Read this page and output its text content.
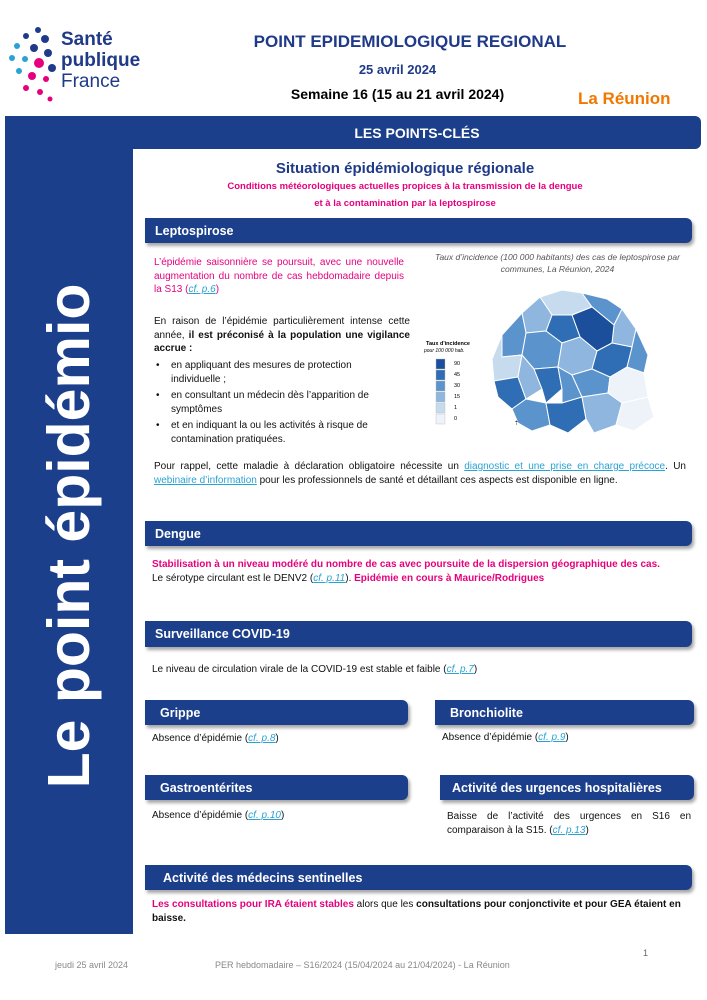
Santé
publique
France
POINT EPIDEMIOLOGIQUE REGIONAL
25 avril 2024
Semaine 16 (15 au 21 avril 2024)	La Réunion
Le point épidémio
LES POINTS-CLÉS
Situation épidémiologique régionale
Conditions météorologiques actuelles propices à la transmission de la dengue
et à la contamination par la leptospirose
Leptospirose
L’épidémie saisonnière se poursuit, avec une nouvelle augmentation du nombre de cas hebdomadaire depuis la S13 (cf. p.6)
En raison de l’épidémie particulièrement intense cette année, il est préconisé à la population une vigilance accrue :
• en appliquant des mesures de protection individuelle ;
• en consultant un médecin dès l’apparition de symptômes
• et en indiquant la ou les activités à risque de contamination pratiquées.
Taux d’incidence (100 000 habitants) des cas de leptospirose par communes, La Réunion, 2024
Taux d'incidence
pour 100 000 hab.
90
45
30
15
1
0
⇡
Pour rappel, cette maladie à déclaration obligatoire nécessite un diagnostic et une prise en charge précoce. Un webinaire d’information pour les professionnels de santé et détaillant ces aspects est disponible en ligne.
Dengue
Stabilisation à un niveau modéré du nombre de cas avec poursuite de la dispersion géographique des cas.
Le sérotype circulant est le DENV2 (cf. p.11). Epidémie en cours à Maurice/Rodrigues
Surveillance COVID-19
Le niveau de circulation virale de la COVID-19 est stable et faible (cf. p.7)
Grippe
Absence d’épidémie (cf. p.8)
Bronchiolite
Absence d’épidémie (cf. p.9)
Gastroentérites
Absence d’épidémie (cf. p.10)
Activité des urgences hospitalières
Baisse de l’activité des urgences en S16 en comparaison à la S15. (cf. p.13)
Activité des médecins sentinelles
Les consultations pour IRA étaient stables alors que les consultations pour conjonctivite et pour GEA étaient en baisse.
1
jeudi 25 avril 2024	PER hebdomadaire – S16/2024 (15/04/2024 au 21/04/2024) - La Réunion
